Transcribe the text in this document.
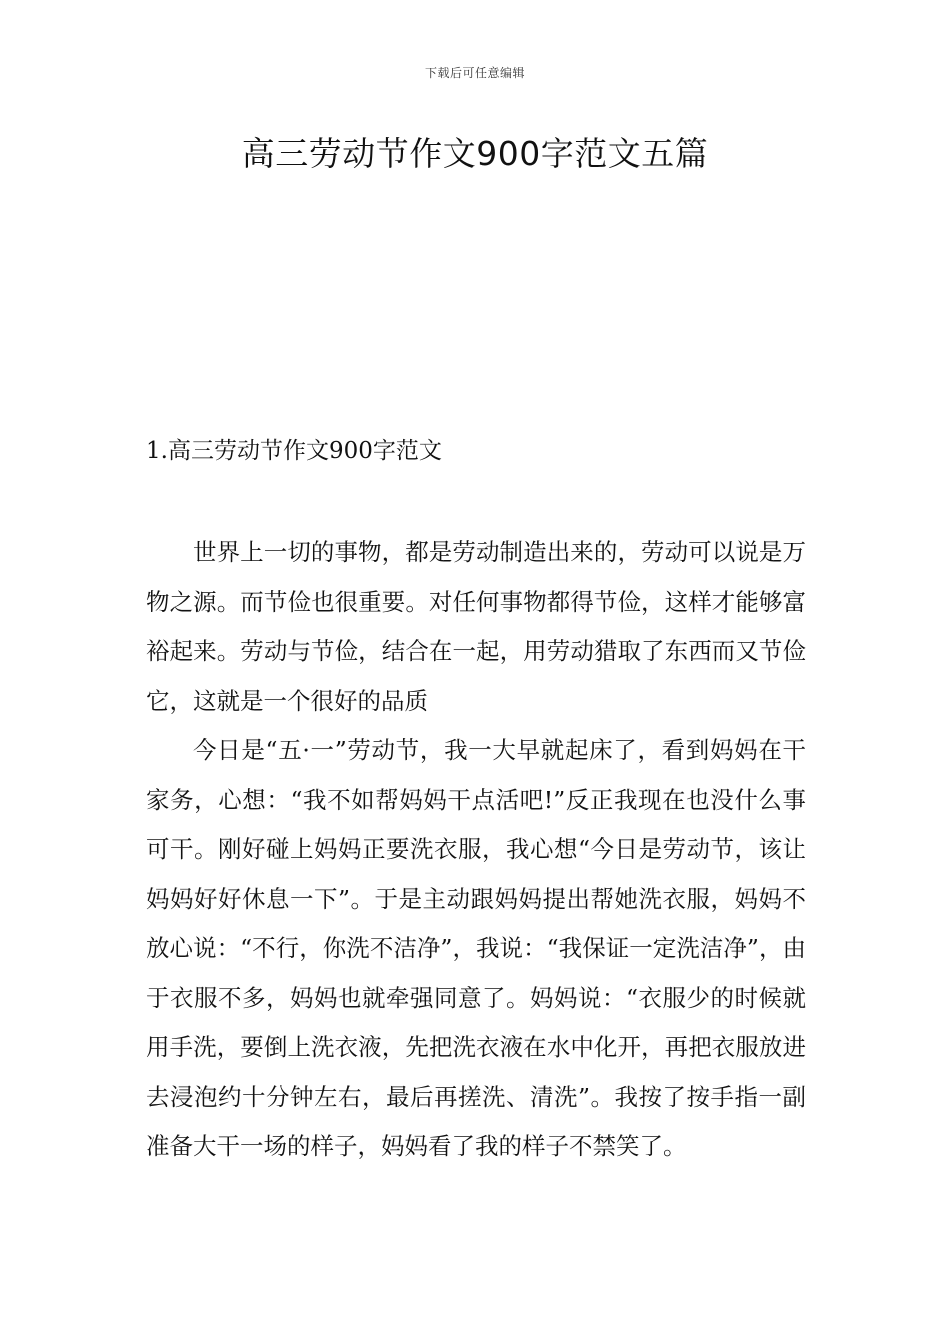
下载后可任意编辑
高三劳动节作文900字范文五篇
1.高三劳动节作文900字范文

世界上一切的事物，都是劳动制造出来的，劳动可以说是万物之源。而节俭也很重要。对任何事物都得节俭，这样才能够富裕起来。劳动与节俭，结合在一起，用劳动猎取了东西而又节俭它，这就是一个很好的品质

今日是“五·一”劳动节，我一大早就起床了，看到妈妈在干家务，心想：“我不如帮妈妈干点活吧!”反正我现在也没什么事可干。刚好碰上妈妈正要洗衣服，我心想“今日是劳动节，该让妈妈好好休息一下”。于是主动跟妈妈提出帮她洗衣服，妈妈不放心说：“不行，你洗不洁净”，我说：“我保证一定洗洁净”，由于衣服不多，妈妈也就牵强同意了。妈妈说：“衣服少的时候就用手洗，要倒上洗衣液，先把洗衣液在水中化开，再把衣服放进去浸泡约十分钟左右，最后再搓洗、清洗”。我按了按手指一副准备大干一场的样子，妈妈看了我的样子不禁笑了。
